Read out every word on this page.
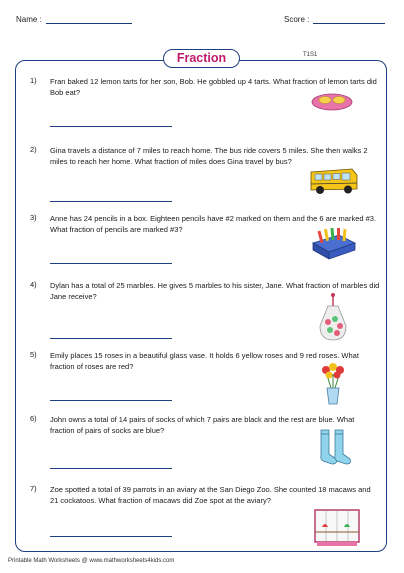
Name :	Score :
Fraction	T1S1
1) Fran baked 12 lemon tarts for her son, Bob. He gobbled up 4 tarts. What fraction of lemon tarts did Bob eat?
2) Gina travels a distance of 7 miles to reach home. The bus ride covers 5 miles. She then walks 2 miles to reach her home. What fraction of miles does Gina travel by bus?
3) Anne has 24 pencils in a box. Eighteen pencils have #2 marked on them and the 6 are marked #3. What fraction of pencils are marked #3?
4) Dylan has a total of 25 marbles. He gives 5 marbles to his sister, Jane. What fraction of marbles did Jane receive?
5) Emily places 15 roses in a beautiful glass vase. It holds 6 yellow roses and 9 red roses. What fraction of roses are red?
6) John owns a total of 14 pairs of socks of which 7 pairs are black and the rest are blue. What fraction of pairs of socks are blue?
7) Zoe spotted a total of 39 parrots in an aviary at the San Diego Zoo. She counted 18 macaws and 21 cockatoos. What fraction of macaws did Zoe spot at the aviary?
Printable Math Worksheets @ www.mathworksheets4kids.com
